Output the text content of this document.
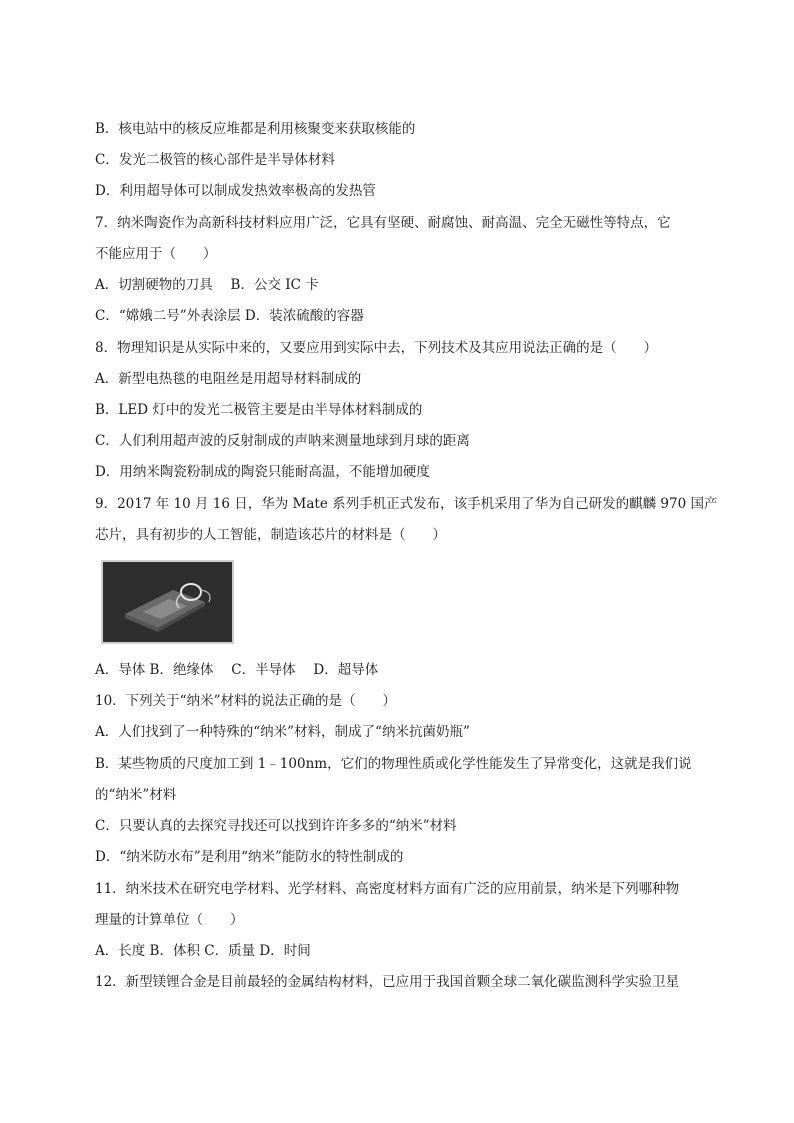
B．核电站中的核反应堆都是利用核聚变来获取核能的
C．发光二极管的核心部件是半导体材料
D．利用超导体可以制成发热效率极高的发热管
7．纳米陶瓷作为高新科技材料应用广泛，它具有坚硬、耐腐蚀、耐高温、完全无磁性等特点，它
不能应用于（　　）
A．切割硬物的刀具　 B．公交 IC 卡
C．“嫦娥二号”外表涂层 D．装浓硫酸的容器
8．物理知识是从实际中来的，又要应用到实际中去，下列技术及其应用说法正确的是（　　）
A．新型电热毯的电阻丝是用超导材料制成的
B．LED 灯中的发光二极管主要是由半导体材料制成的
C．人们利用超声波的反射制成的声呐来测量地球到月球的距离
D．用纳米陶瓷粉制成的陶瓷只能耐高温，不能增加硬度
9．2017 年 10 月 16 日，华为 Mate 系列手机正式发布，该手机采用了华为自己研发的麒麟 970 国产
芯片，具有初步的人工智能，制造该芯片的材料是（　　）
A．导体 B．绝缘体　 C．半导体　 D．超导体
10．下列关于“纳米”材料的说法正确的是（　　）
A．人们找到了一种特殊的“纳米”材料，制成了“纳米抗菌奶瓶”
B．某些物质的尺度加工到 1﹣100nm，它们的物理性质或化学性能发生了异常变化，这就是我们说
的“纳米”材料
C．只要认真的去探究寻找还可以找到许许多多的“纳米”材料
D．“纳米防水布”是利用“纳米”能防水的特性制成的
11．纳米技术在研究电学材料、光学材料、高密度材料方面有广泛的应用前景，纳米是下列哪种物
理量的计算单位（　　）
A．长度 B．体积 C．质量 D．时间
12．新型镁锂合金是目前最轻的金属结构材料，已应用于我国首颗全球二氧化碳监测科学实验卫星
